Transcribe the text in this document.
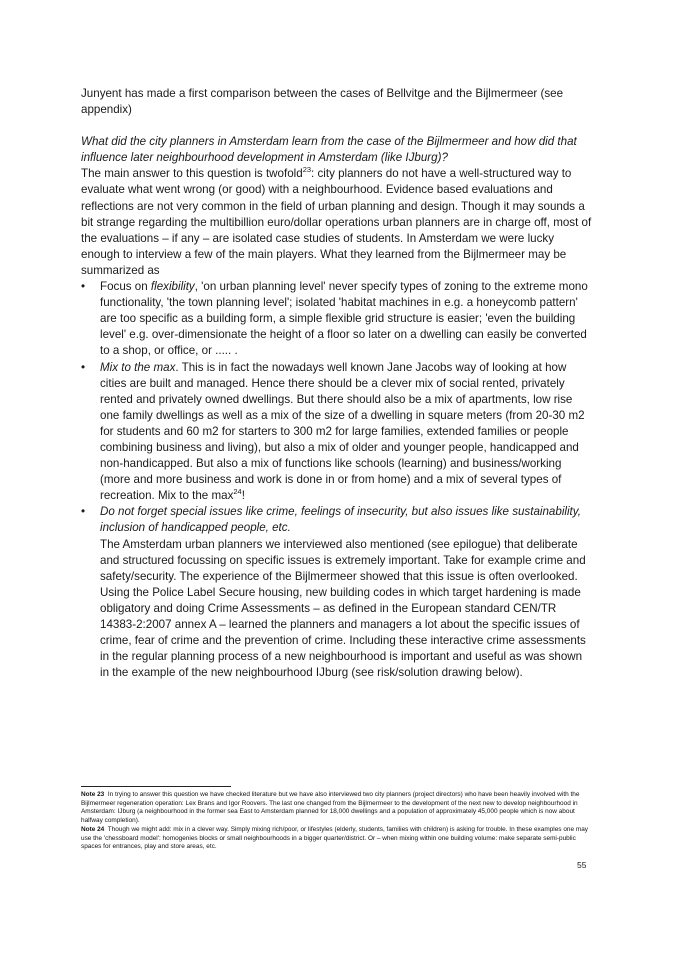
Junyent has made a first comparison between the cases of Bellvitge and the Bijlmermeer (see appendix)

What did the city planners in Amsterdam learn from the case of the Bijlmermeer and how did that influence later neighbourhood development in Amsterdam (like IJburg)?

The main answer to this question is twofold$^{23}$: city planners do not have a well-structured way to evaluate what went wrong (or good) with a neighbourhood. Evidence based evaluations and reflections are not very common in the field of urban planning and design. Though it may sounds a bit strange regarding the multibillion euro/dollar operations urban planners are in charge off, most of the evaluations – if any – are isolated case studies of students. In Amsterdam we were lucky enough to interview a few of the main players. What they learned from the Bijlmermeer may be summarized as

• Focus on flexibility, 'on urban planning level' never specify types of zoning to the extreme mono functionality, 'the town planning level'; isolated 'habitat machines in e.g. a honeycomb pattern' are too specific as a building form, a simple flexible grid structure is easier; 'even the building level' e.g. over-dimensionate the height of a floor so later on a dwelling can easily be converted to a shop, or office, or ..... .
• Mix to the max. This is in fact the nowadays well known Jane Jacobs way of looking at how cities are built and managed. Hence there should be a clever mix of social rented, privately rented and privately owned dwellings. But there should also be a mix of apartments, low rise one family dwellings as well as a mix of the size of a dwelling in square meters (from 20-30 m2 for students and 60 m2 for starters to 300 m2 for large families, extended families or people combining business and living), but also a mix of older and younger people, handicapped and non-handicapped. But also a mix of functions like schools (learning) and business/working (more and more business and work is done in or from home) and a mix of several types of recreation. Mix to the $\max^{24}$!
• Do not forget special issues like crime, feelings of insecurity, but also issues like sustainability, inclusion of handicapped people, etc.
The Amsterdam urban planners we interviewed also mentioned (see epilogue) that deliberate and structured focussing on specific issues is extremely important. Take for example crime and safety/security. The experience of the Bijlmermeer showed that this issue is often overlooked. Using the Police Label Secure housing, new building codes in which target hardening is made obligatory and doing Crime Assessments – as defined in the European standard CEN/TR 14383-2:2007 annex A – learned the planners and managers a lot about the specific issues of crime, fear of crime and the prevention of crime. Including these interactive crime assessments in the regular planning process of a new neighbourhood is important and useful as was shown in the example of the new neighbourhood IJburg (see risk/solution drawing below).

Note 23 In trying to answer this question we have checked literature but we have also interviewed two city planners (project directors) who have been heavily involved with the Bijlmermeer regeneration operation: Lex Brans and Igor Roovers. The last one changed from the Bijlmermeer to the development of the next new to develop neighbourhood in Amsterdam: IJburg (a neighbourhood in the former sea East to Amsterdam planned for 18,000 dwellings and a population of approximately 45,000 people which is now about halfway completion).

Note 24 Though we might add: mix in a clever way. Simply mixing rich/poor, or lifestyles (elderly, students, families with children) is asking for trouble. In these examples one may use the 'chessboard model': homogenies blocks or small neighbourhoods in a bigger quarter/district. Or – when mixing within one building volume: make separate semi-public spaces for entrances, play and store areas, etc.

55
